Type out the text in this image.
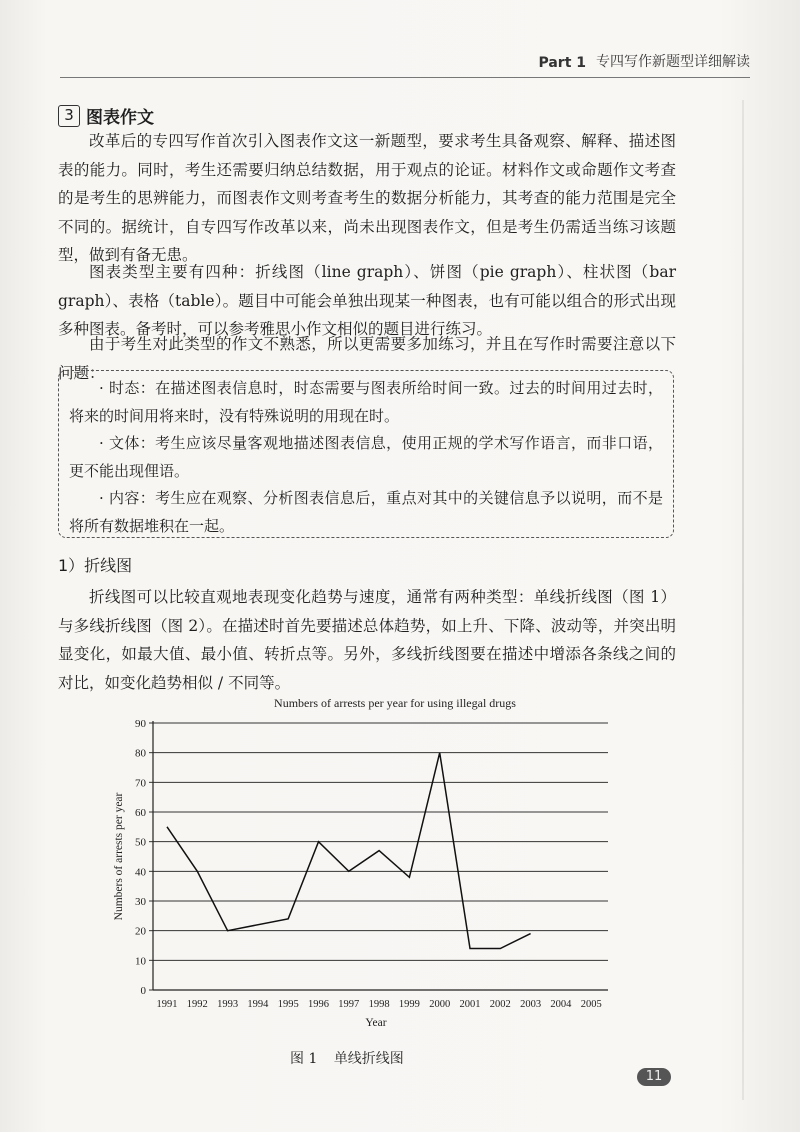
Part 1 专四写作新题型详细解读
3 图表作文

改革后的专四写作首次引入图表作文这一新题型，要求考生具备观察、解释、描述图表的能力。同时，考生还需要归纳总结数据，用于观点的论证。材料作文或命题作文考查的是考生的思辨能力，而图表作文则考查考生的数据分析能力，其考查的能力范围是完全不同的。据统计，自专四写作改革以来，尚未出现图表作文，但是考生仍需适当练习该题型，做到有备无患。

图表类型主要有四种：折线图（line graph）、饼图（pie graph）、柱状图（bar graph）、表格（table）。题目中可能会单独出现某一种图表，也有可能以组合的形式出现多种图表。备考时，可以参考雅思小作文相似的题目进行练习。

由于考生对此类型的作文不熟悉，所以更需要多加练习，并且在写作时需要注意以下问题：

· 时态：在描述图表信息时，时态需要与图表所给时间一致。过去的时间用过去时，将来的时间用将来时，没有特殊说明的用现在时。

· 文体：考生应该尽量客观地描述图表信息，使用正规的学术写作语言，而非口语，更不能出现俚语。

· 内容：考生应在观察、分析图表信息后，重点对其中的关键信息予以说明，而不是将所有数据堆积在一起。

1）折线图

折线图可以比较直观地表现变化趋势与速度，通常有两种类型：单线折线图（图 1）与多线折线图（图 2）。在描述时首先要描述总体趋势，如上升、下降、波动等，并突出明显变化，如最大值、最小值、转折点等。另外，多线折线图要在描述中增添各条线之间的对比，如变化趋势相似 / 不同等。

Numbers of arrests per year for using illegal drugs
0
10
20
30
40
50
60
70
80
90
1991 1992 1993 1994 1995 1996 1997 1998 1999 2000 2001 2002 2003 2004 2005
Year
Numbers of arrests per year
图 1 单线折线图
11
